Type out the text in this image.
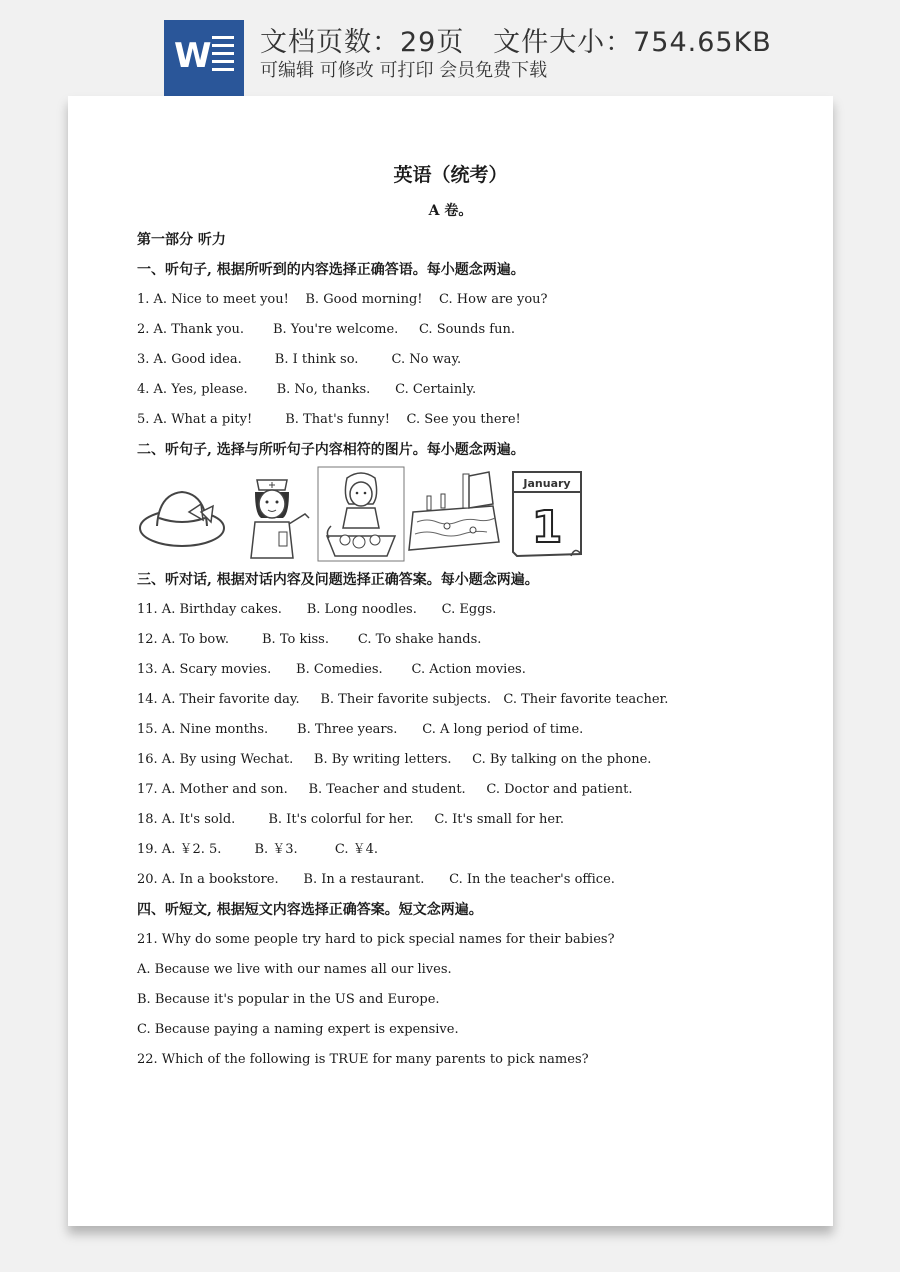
W 文档页数：29页   文件大小：754.65KB
可编辑 可修改 可打印 会员免费下载
英语（统考）
A 卷。
第一部分 听力
一、听句子, 根据所听到的内容选择正确答语。每小题念两遍。
1. A. Nice to meet you!    B. Good morning!    C. How are you?
2. A. Thank you.       B. You're welcome.     C. Sounds fun.
3. A. Good idea.        B. I think so.        C. No way.
4. A. Yes, please.       B. No, thanks.      C. Certainly.
5. A. What a pity!        B. That's funny!    C. See you there!
二、听句子, 选择与所听句子内容相符的图片。每小题念两遍。
三、听对话, 根据对话内容及问题选择正确答案。每小题念两遍。
11. A. Birthday cakes.      B. Long noodles.      C. Eggs.
12. A. To bow.        B. To kiss.       C. To shake hands.
13. A. Scary movies.      B. Comedies.       C. Action movies.
14. A. Their favorite day.     B. Their favorite subjects.   C. Their favorite teacher.
15. A. Nine months.       B. Three years.      C. A long period of time.
16. A. By using Wechat.     B. By writing letters.     C. By talking on the phone.
17. A. Mother and son.     B. Teacher and student.     C. Doctor and patient.
18. A. It's sold.        B. It's colorful for her.     C. It's small for her.
19. A. ￥2. 5.        B. ￥3.         C. ￥4.
20. A. In a bookstore.      B. In a restaurant.      C. In the teacher's office.
四、听短文, 根据短文内容选择正确答案。短文念两遍。
21. Why do some people try hard to pick special names for their babies?
A. Because we live with our names all our lives.
B. Because it's popular in the US and Europe.
C. Because paying a naming expert is expensive.
22. Which of the following is TRUE for many parents to pick names?
January
1
